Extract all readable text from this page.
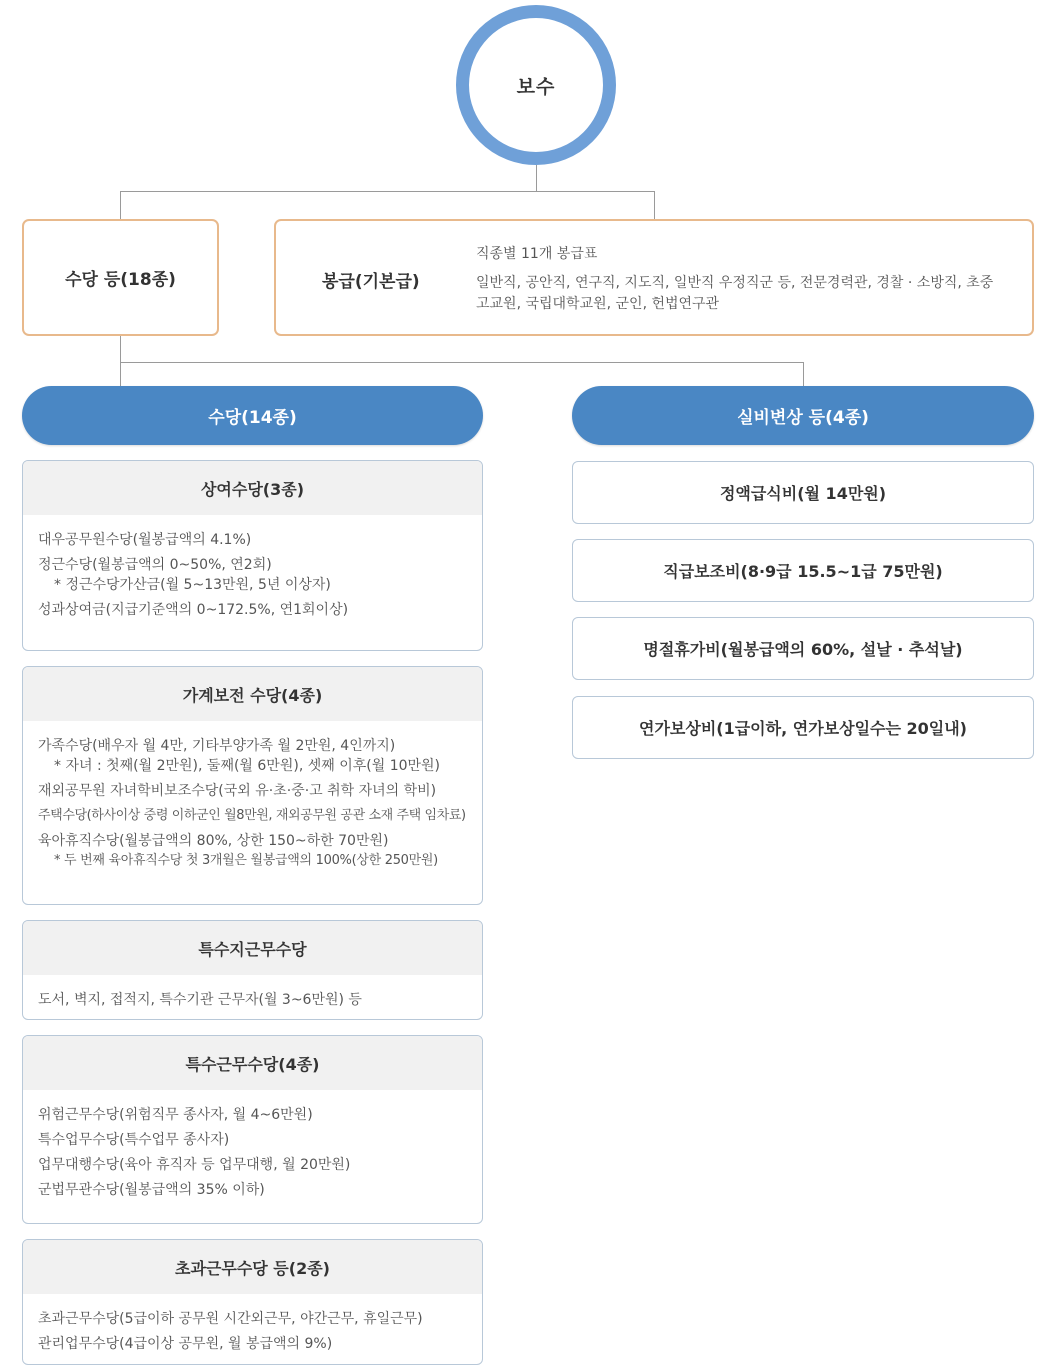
보수
수당 등(18종)	봉급(기본급)
직종별 11개 봉급표
일반직, 공안직, 연구직, 지도직, 일반직 우정직군 등, 전문경력관, 경찰 · 소방직, 초중고교원, 국립대학교원, 군인, 헌법연구관
수당(14종)	실비변상 등(4종)
상여수당(3종)
대우공무원수당(월봉급액의 4.1%)
정근수당(월봉급액의 0~50%, 연2회)
* 정근수당가산금(월 5~13만원, 5년 이상자)
성과상여금(지급기준액의 0~172.5%, 연1회이상)
가계보전 수당(4종)
가족수당(배우자 월 4만, 기타부양가족 월 2만원, 4인까지)
* 자녀 : 첫째(월 2만원), 둘째(월 6만원), 셋째 이후(월 10만원)
재외공무원 자녀학비보조수당(국외 유·초·중·고 취학 자녀의 학비)
주택수당(하사이상 중령 이하군인 월8만원, 재외공무원 공관 소재 주택 임차료)
육아휴직수당(월봉급액의 80%, 상한 150~하한 70만원)
* 두 번째 육아휴직수당 첫 3개월은 월봉급액의 100%(상한 250만원)
특수지근무수당
도서, 벽지, 접적지, 특수기관 근무자(월 3~6만원) 등
특수근무수당(4종)
위험근무수당(위험직무 종사자, 월 4~6만원)
특수업무수당(특수업무 종사자)
업무대행수당(육아 휴직자 등 업무대행, 월 20만원)
군법무관수당(월봉급액의 35% 이하)
초과근무수당 등(2종)
초과근무수당(5급이하 공무원 시간외근무, 야간근무, 휴일근무)
관리업무수당(4급이상 공무원, 월 봉급액의 9%)
정액급식비(월 14만원)
직급보조비(8·9급 15.5~1급 75만원)
명절휴가비(월봉급액의 60%, 설날 · 추석날)
연가보상비(1급이하, 연가보상일수는 20일내)
